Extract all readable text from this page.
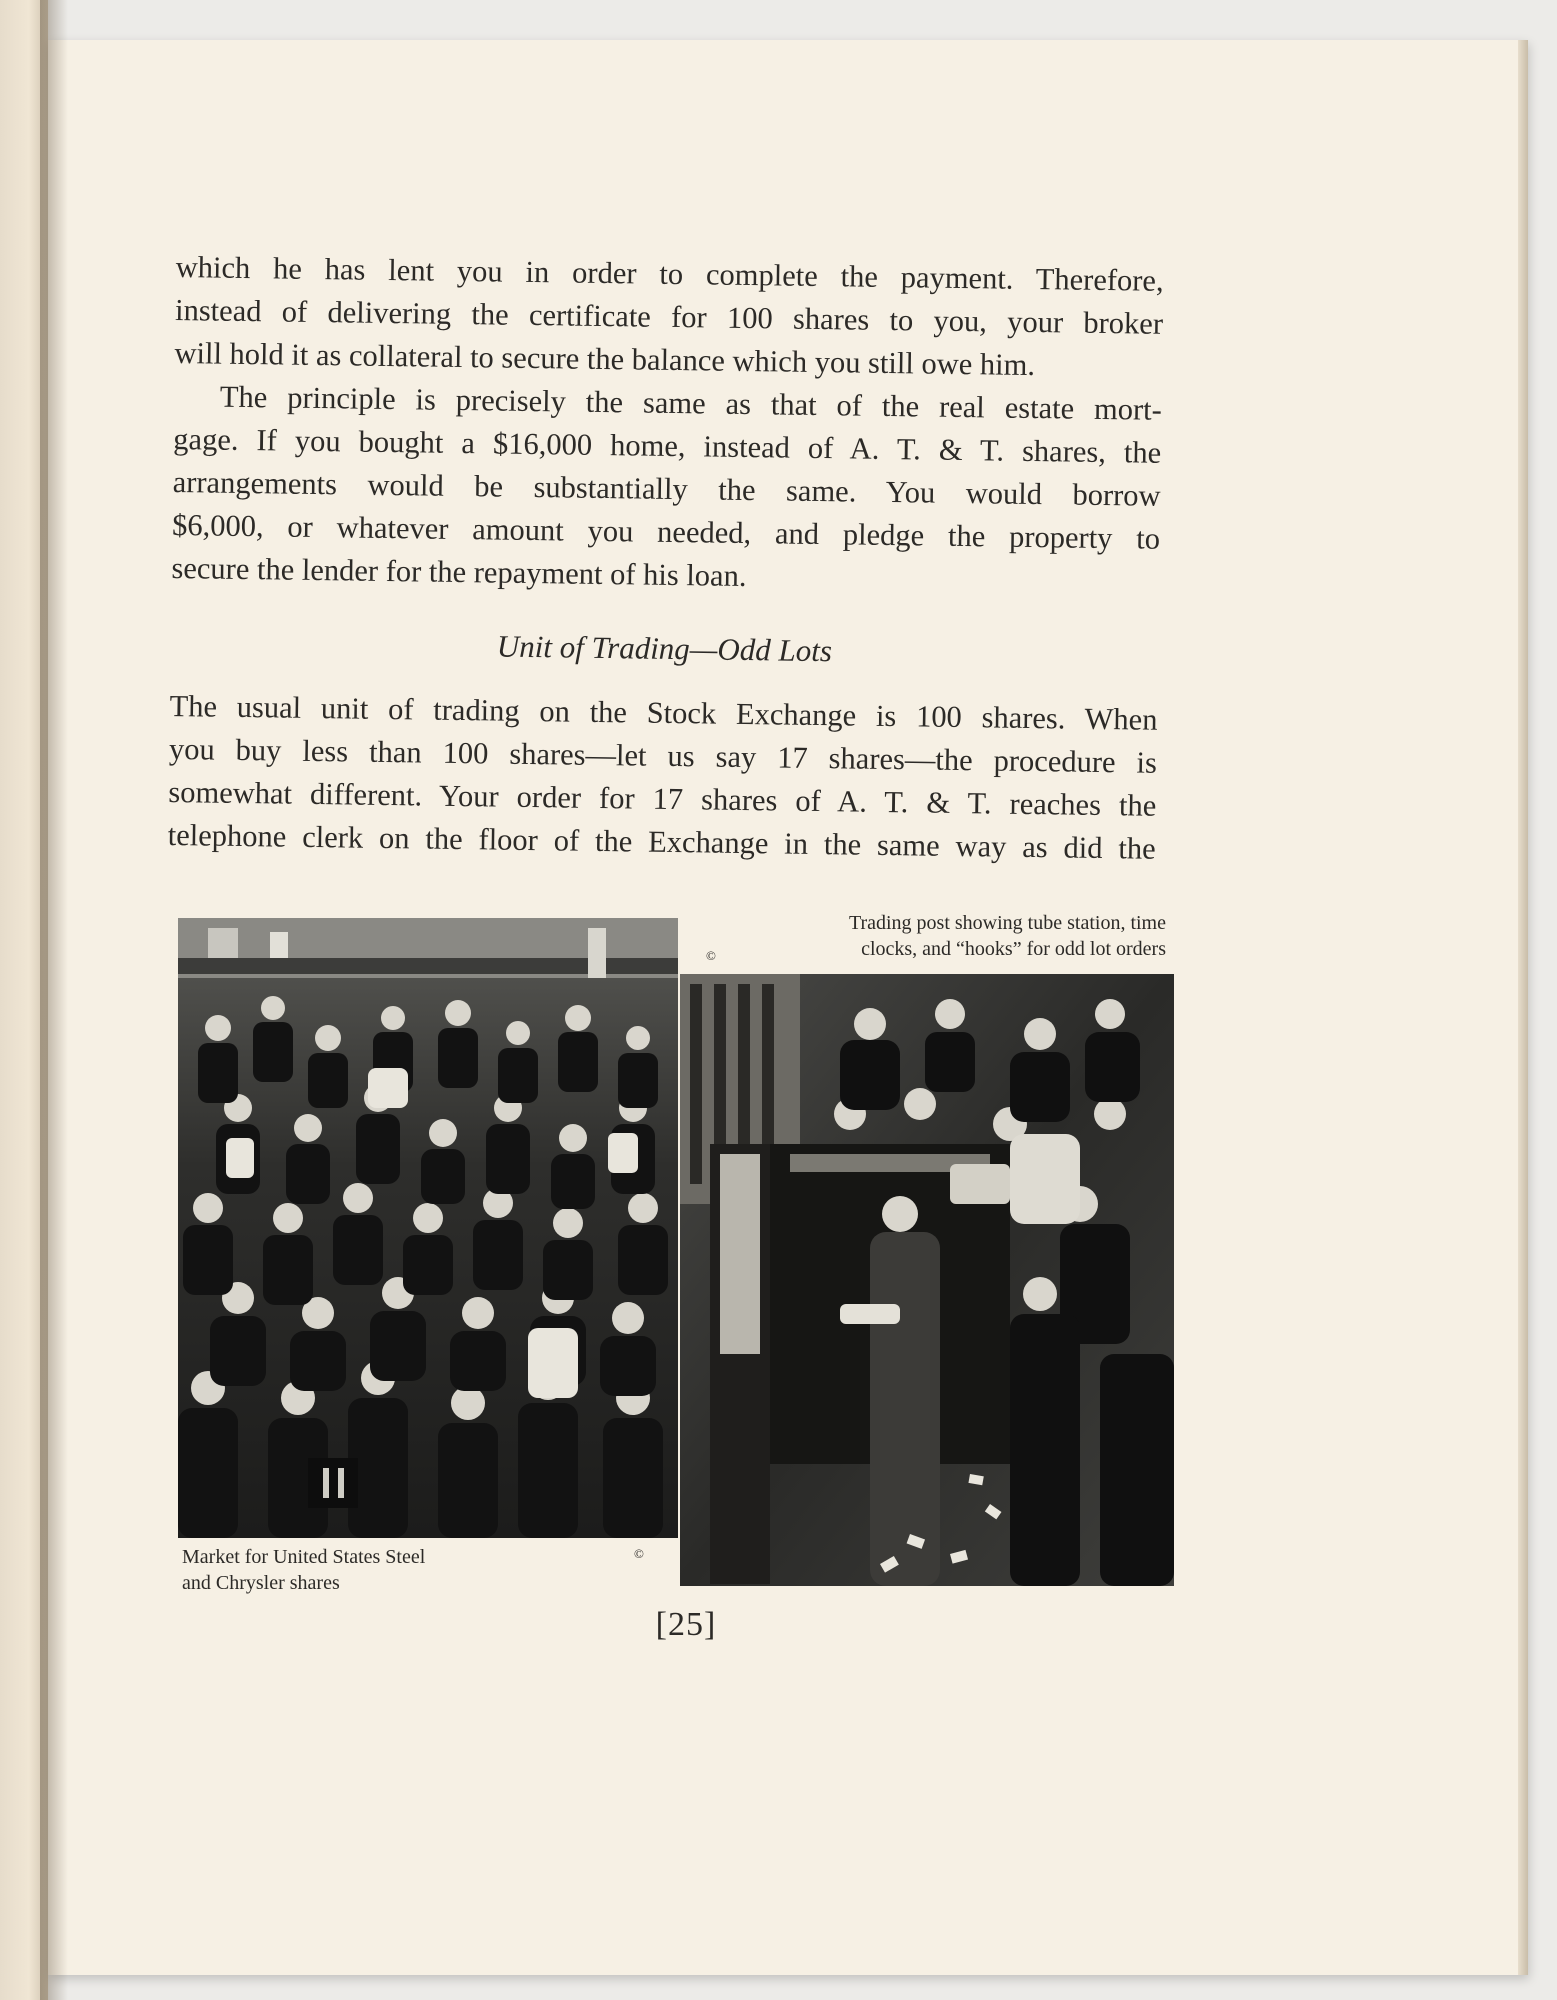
which he has lent you in order to complete the payment. Therefore,
instead of delivering the certificate for 100 shares to you, your broker
will hold it as collateral to secure the balance which you still owe him.
The principle is precisely the same as that of the real estate mort-
gage. If you bought a $16,000 home, instead of A. T. & T. shares, the
arrangements would be substantially the same. You would borrow
$6,000, or whatever amount you needed, and pledge the property to
secure the lender for the repayment of his loan.
Unit of Trading—Odd Lots
The usual unit of trading on the Stock Exchange is 100 shares. When
you buy less than 100 shares—let us say 17 shares—the procedure is
somewhat different. Your order for 17 shares of A. T. & T. reaches the
telephone clerk on the floor of the Exchange in the same way as did the
Trading post showing tube station, time
clocks, and “hooks” for odd lot orders
©
Market for United States Steel
and Chrysler shares
©
[25]
